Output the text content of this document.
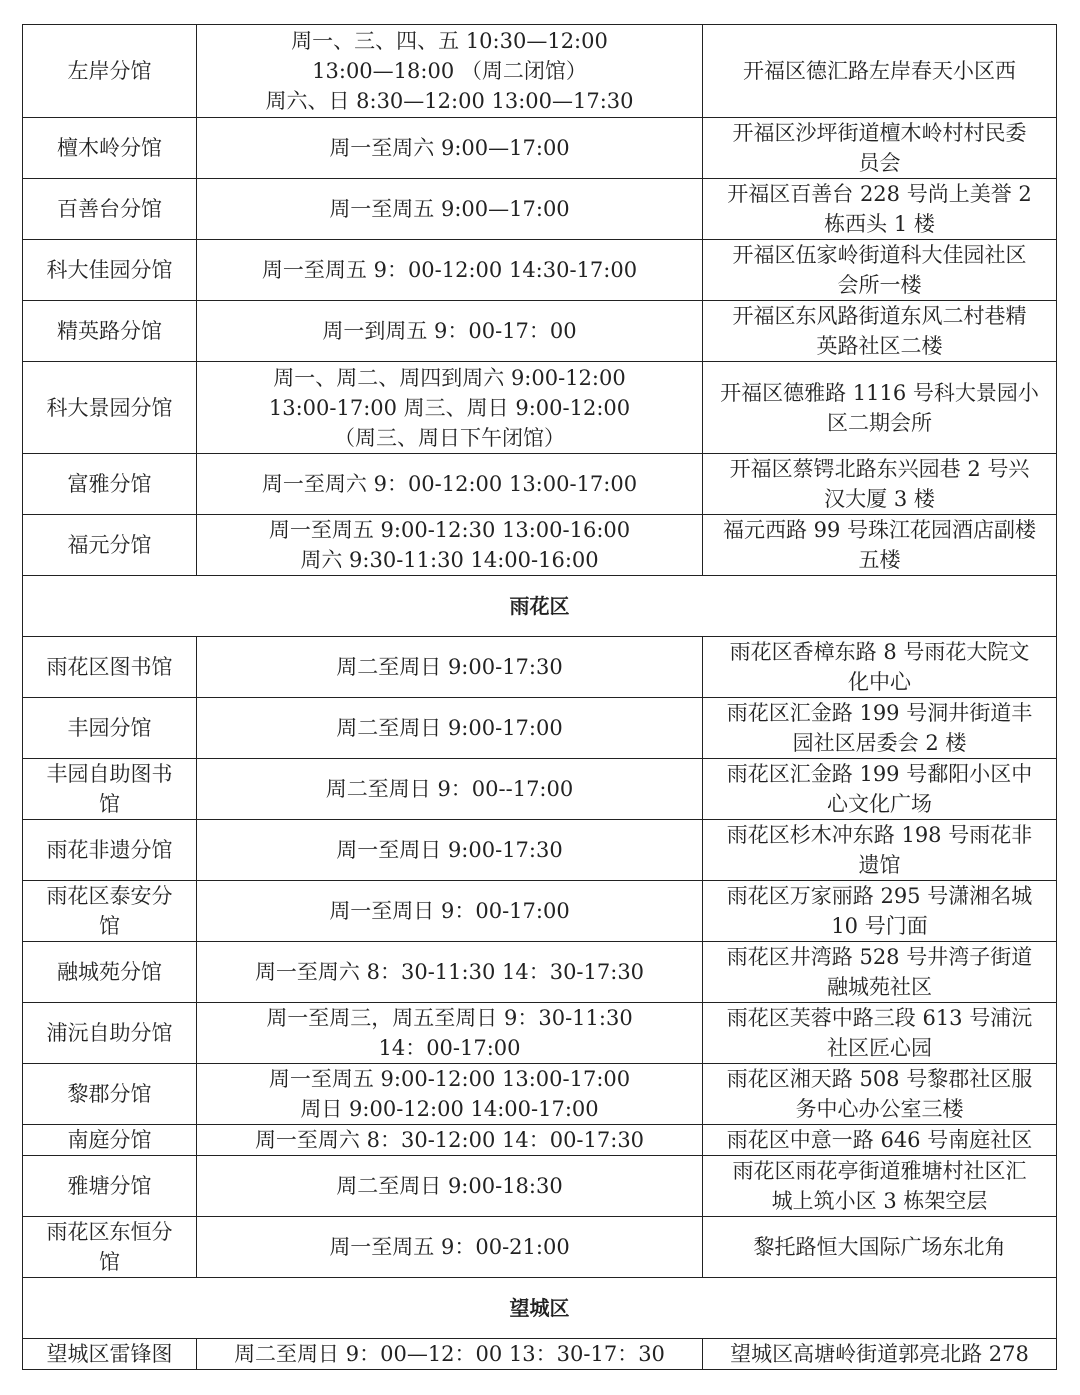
左岸分馆	周一、三、四、五 10:30—12:00
13:00—18:00 （周二闭馆）
周六、日 8:30—12:00 13:00—17:30	开福区德汇路左岸春天小区西

檀木岭分馆	周一至周六 9:00—17:00	开福区沙坪街道檀木岭村村民委
员会

百善台分馆	周一至周五 9:00—17:00	开福区百善台 228 号尚上美誉 2
栋西头 1 楼

科大佳园分馆	周一至周五 9：00-12:00 14:30-17:00	开福区伍家岭街道科大佳园社区
会所一楼

精英路分馆	周一到周五 9：00-17：00	开福区东风路街道东风二村巷精
英路社区二楼

科大景园分馆	周一、周二、周四到周六 9:00-12:00
13:00-17:00 周三、周日 9:00-12:00
（周三、周日下午闭馆）	开福区德雅路 1116 号科大景园小
区二期会所

富雅分馆	周一至周六 9：00-12:00 13:00-17:00	开福区蔡锷北路东兴园巷 2 号兴
汉大厦 3 楼

福元分馆	周一至周五 9:00-12:30 13:00-16:00
周六 9:30-11:30 14:00-16:00	福元西路 99 号珠江花园酒店副楼
五楼

雨花区		

雨花区图书馆	周二至周日 9:00-17:30	雨花区香樟东路 8 号雨花大院文
化中心

丰园分馆	周二至周日 9:00-17:00	雨花区汇金路 199 号洞井街道丰
园社区居委会 2 楼

丰园自助图书
馆	周二至周日 9：00--17:00	雨花区汇金路 199 号鄱阳小区中
心文化广场

雨花非遗分馆	周一至周日 9:00-17:30	雨花区杉木冲东路 198 号雨花非
遗馆

雨花区泰安分
馆	周一至周日 9：00-17:00	雨花区万家丽路 295 号潇湘名城
10 号门面

融城苑分馆	周一至周六 8：30-11:30 14：30-17:30	雨花区井湾路 528 号井湾子街道
融城苑社区

浦沅自助分馆	周一至周三，周五至周日 9：30-11:30
14：00-17:00	雨花区芙蓉中路三段 613 号浦沅
社区匠心园

黎郡分馆	周一至周五 9:00-12:00 13:00-17:00
周日 9:00-12:00 14:00-17:00	雨花区湘天路 508 号黎郡社区服
务中心办公室三楼

南庭分馆	周一至周六 8：30-12:00 14：00-17:30	雨花区中意一路 646 号南庭社区

雅塘分馆	周二至周日 9:00-18:30	雨花区雨花亭街道雅塘村社区汇
城上筑小区 3 栋架空层

雨花区东恒分
馆	周一至周五 9：00-21:00	黎托路恒大国际广场东北角

望城区		

望城区雷锋图	周二至周日 9：00—12：00 13：30-17：30	望城区高塘岭街道郭亮北路 278
